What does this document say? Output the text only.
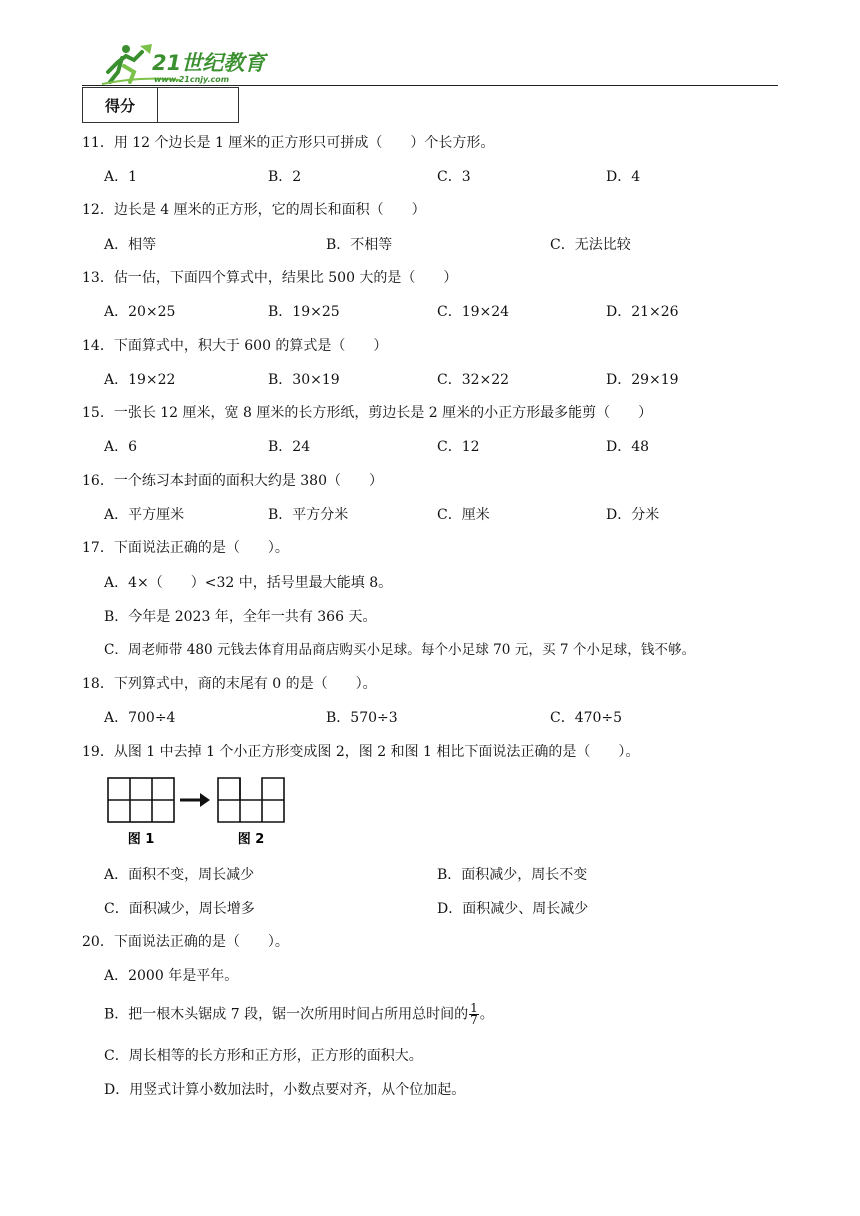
21世纪教育
www.21cnjy.com
得分	
11．用 12 个边长是 1 厘米的正方形只可拼成（　　）个长方形。
A．1	B．2	C．3	D．4
12．边长是 4 厘米的正方形，它的周长和面积（　　）
A．相等	B．不相等	C．无法比较
13．估一估，下面四个算式中，结果比 500 大的是（　　）
A．20×25	B．19×25	C．19×24	D．21×26
14．下面算式中，积大于 600 的算式是（　　）
A．19×22	B．30×19	C．32×22	D．29×19
15．一张长 12 厘米，宽 8 厘米的长方形纸，剪边长是 2 厘米的小正方形最多能剪（　　）
A．6	B．24	C．12	D．48
16．一个练习本封面的面积大约是 380（　　）
A．平方厘米	B．平方分米	C．厘米	D．分米
17．下面说法正确的是（　　）。
A．4×（　　）<32 中，括号里最大能填 8。
B．今年是 2023 年，全年一共有 366 天。
C．周老师带 480 元钱去体育用品商店购买小足球。每个小足球 70 元，买 7 个小足球，钱不够。
18．下列算式中，商的末尾有 0 的是（　　）。
A．700÷4	B．570÷3	C．470÷5
19．从图 1 中去掉 1 个小正方形变成图 2，图 2 和图 1 相比下面说法正确的是（　　）。
图 1	图 2
A．面积不变，周长减少	B．面积减少，周长不变
C．面积减少，周长增多	D．面积减少、周长减少
20．下面说法正确的是（　　）。
A．2000 年是平年。
B．把一根木头锯成 7 段，锯一次所用时间占所用总时间的 $\frac{1}{7}$ 。
C．周长相等的长方形和正方形，正方形的面积大。
D．用竖式计算小数加法时，小数点要对齐，从个位加起。
